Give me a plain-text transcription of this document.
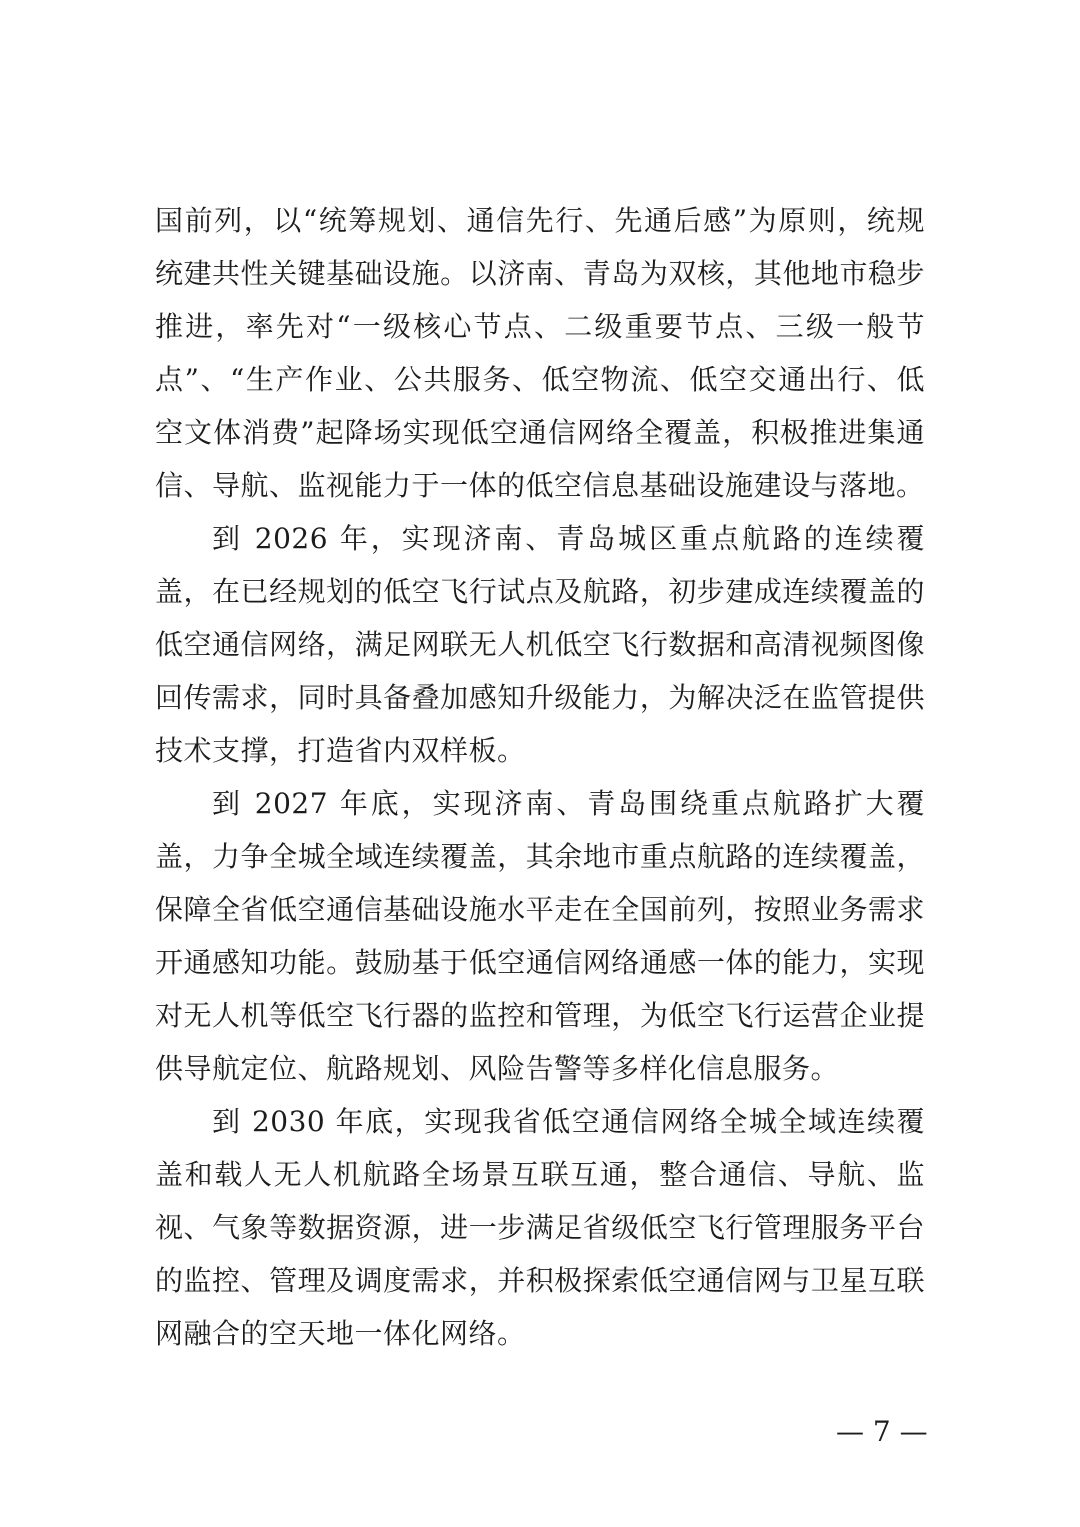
国前列，以“统筹规划、通信先行、先通后感”为原则，统规统建共性关键基础设施。以济南、青岛为双核，其他地市稳步推进，率先对“一级核心节点、二级重要节点、三级一般节点”、“生产作业、公共服务、低空物流、低空交通出行、低空文体消费”起降场实现低空通信网络全覆盖，积极推进集通信、导航、监视能力于一体的低空信息基础设施建设与落地。

到 2026 年，实现济南、青岛城区重点航路的连续覆盖，在已经规划的低空飞行试点及航路，初步建成连续覆盖的低空通信网络，满足网联无人机低空飞行数据和高清视频图像回传需求，同时具备叠加感知升级能力，为解决泛在监管提供技术支撑，打造省内双样板。

到 2027 年底，实现济南、青岛围绕重点航路扩大覆盖，力争全城全域连续覆盖，其余地市重点航路的连续覆盖，保障全省低空通信基础设施水平走在全国前列，按照业务需求开通感知功能。鼓励基于低空通信网络通感一体的能力，实现对无人机等低空飞行器的监控和管理，为低空飞行运营企业提供导航定位、航路规划、风险告警等多样化信息服务。

到 2030 年底，实现我省低空通信网络全城全域连续覆盖和载人无人机航路全场景互联互通，整合通信、导航、监视、气象等数据资源，进一步满足省级低空飞行管理服务平台的监控、管理及调度需求，并积极探索低空通信网与卫星互联网融合的空天地一体化网络。

— 7 —
